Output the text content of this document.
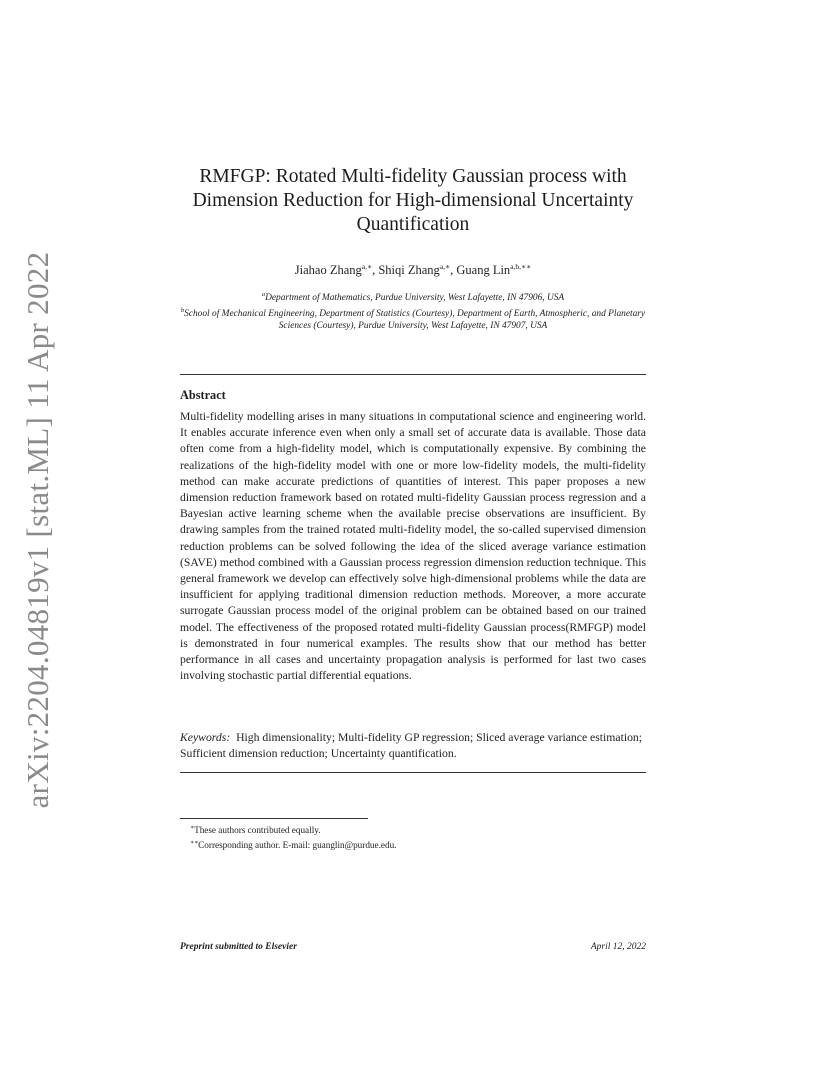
arXiv:2204.04819v1 [stat.ML] 11 Apr 2022
RMFGP: Rotated Multi-fidelity Gaussian process with Dimension Reduction for High-dimensional Uncertainty Quantification
Jiahao Zhang$^{a,∗}$, Shiqi Zhang$^{a,∗}$, Guang Lin$^{a,b,∗∗}$
$^a$Department of Mathematics, Purdue University, West Lafayette, IN 47906, USA
$^b$School of Mechanical Engineering, Department of Statistics (Courtesy), Department of Earth, Atmospheric, and Planetary Sciences (Courtesy), Purdue University, West Lafayette, IN 47907, USA
Abstract

Multi-fidelity modelling arises in many situations in computational science and engineering world. It enables accurate inference even when only a small set of accurate data is available. Those data often come from a high-fidelity model, which is computationally expensive. By combining the realizations of the high-fidelity model with one or more low-fidelity models, the multi-fidelity method can make accurate predictions of quantities of interest. This paper proposes a new dimension reduction framework based on rotated multi-fidelity Gaussian process regression and a Bayesian active learning scheme when the available precise observations are insufficient. By drawing samples from the trained rotated multi-fidelity model, the so-called supervised dimension reduction problems can be solved following the idea of the sliced average variance estimation (SAVE) method combined with a Gaussian process regression dimension reduction technique. This general framework we develop can effectively solve high-dimensional problems while the data are insufficient for applying traditional dimension reduction methods. Moreover, a more accurate surrogate Gaussian process model of the original problem can be obtained based on our trained model. The effectiveness of the proposed rotated multi-fidelity Gaussian process(RMFGP) model is demonstrated in four numerical examples. The results show that our method has better performance in all cases and uncertainty propagation analysis is performed for last two cases involving stochastic partial differential equations.

Keywords: High dimensionality; Multi-fidelity GP regression; Sliced average variance estimation; Sufficient dimension reduction; Uncertainty quantification.

∗These authors contributed equally.
∗∗Corresponding author. E-mail: guanglin@purdue.edu.
Preprint submitted to Elsevier	April 12, 2022
